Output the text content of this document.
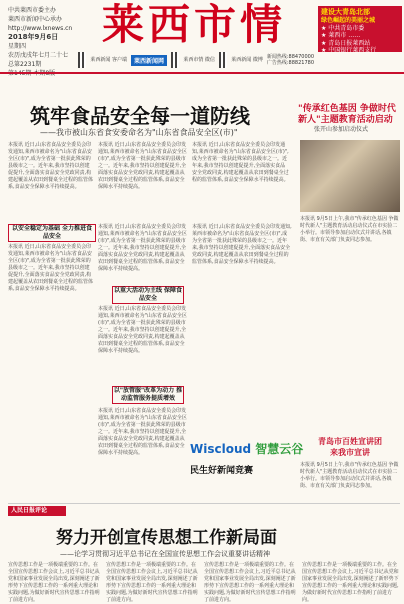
中共莱西市委主办
莱西市新闻中心承办
http://www.lxnews.cn
2018年9月6日
星期四
农历戊戌年七月二十七
总第2231期
莱西市情	建设大青岛北部
绿色崛起的美丽之城
★ 中共青岛市委
★ 莱西市 ……
★ 青岛日报莱西站
★ 中国银行莱西支行
莱西新闻 客户端	莱西新闻网	莱西市情 微信	莱西新闻 微博 新闻热线:88470000
广告热线:88821780
筑牢食品安全每一道防线
——我市被山东省食安委命名为"山东省食品安全区(市)"
本报讯 近日,山东省食品安全委员会印发通知,莱西市被命名为"山东省食品安全区(市)",成为全省第一批获此殊荣的县级市之一。近年来,我市坚持以创建促提升,全面落实食品安全党政同责,构建起覆盖从农田到餐桌全过程的监管体系,食品安全保障水平持续提高。
本报讯 近日,山东省食品安全委员会印发通知,莱西市被命名为"山东省食品安全区(市)",成为全省第一批获此殊荣的县级市之一。近年来,我市坚持以创建促提升,全面落实食品安全党政同责,构建起覆盖从农田到餐桌全过程的监管体系,食品安全保障水平持续提高。
本报讯 近日,山东省食品安全委员会印发通知,莱西市被命名为"山东省食品安全区(市)",成为全省第一批获此殊荣的县级市之一。近年来,我市坚持以创建促提升,全面落实食品安全党政同责,构建起覆盖从农田到餐桌全过程的监管体系,食品安全保障水平持续提高。
以安全稳定为基础 全力推进食品安全
本报讯 近日,山东省食品安全委员会印发通知,莱西市被命名为"山东省食品安全区(市)",成为全省第一批获此殊荣的县级市之一。近年来,我市坚持以创建促提升,全面落实食品安全党政同责,构建起覆盖从农田到餐桌全过程的监管体系,食品安全保障水平持续提高。
本报讯 近日,山东省食品安全委员会印发通知,莱西市被命名为"山东省食品安全区(市)",成为全省第一批获此殊荣的县级市之一。近年来,我市坚持以创建促提升,全面落实食品安全党政同责,构建起覆盖从农田到餐桌全过程的监管体系,食品安全保障水平持续提高。
以重大活动为主线 保障食品安全
本报讯 近日,山东省食品安全委员会印发通知,莱西市被命名为"山东省食品安全区(市)",成为全省第一批获此殊荣的县级市之一。近年来,我市坚持以创建促提升,全面落实食品安全党政同责,构建起覆盖从农田到餐桌全过程的监管体系,食品安全保障水平持续提高。
以"放管服"改革为动力 推动监管服务提质增效
本报讯 近日,山东省食品安全委员会印发通知,莱西市被命名为"山东省食品安全区(市)",成为全省第一批获此殊荣的县级市之一。近年来,我市坚持以创建促提升,全面落实食品安全党政同责,构建起覆盖从农田到餐桌全过程的监管体系,食品安全保障水平持续提高。
本报讯 近日,山东省食品安全委员会印发通知,莱西市被命名为"山东省食品安全区(市)",成为全省第一批获此殊荣的县级市之一。近年来,我市坚持以创建促提升,全面落实食品安全党政同责,构建起覆盖从农田到餐桌全过程的监管体系,食品安全保障水平持续提高。
"传承红色基因 争做时代新人"主题教育活动启动
张开山参加启动仪式
本报讯 9月5日上午,我市"传承红色基因 争做时代新人"主题教育活动启动仪式在市实验二小举行。市领导参加启动仪式并讲话,各镇街、市直有关部门负责同志参加。
Wiscloud 智慧云谷
民生好新闻竞赛
青岛市百姓宣讲团
来我市宣讲
本报讯 9月5日上午,我市"传承红色基因 争做时代新人"主题教育活动启动仪式在市实验二小举行。市领导参加启动仪式并讲话,各镇街、市直有关部门负责同志参加。
人民日报评论
努力开创宣传思想工作新局面
——论学习贯彻习近平总书记在全国宣传思想工作会议重要讲话精神
宣传思想工作是一项极端重要的工作。在全国宣传思想工作会议上,习近平总书记从党和国家事业发展全局出发,深刻阐述了新形势下宣传思想工作的一系列重大理论和实践问题,为做好新时代宣传思想工作指明了前进方向。
宣传思想工作是一项极端重要的工作。在全国宣传思想工作会议上,习近平总书记从党和国家事业发展全局出发,深刻阐述了新形势下宣传思想工作的一系列重大理论和实践问题,为做好新时代宣传思想工作指明了前进方向。
宣传思想工作是一项极端重要的工作。在全国宣传思想工作会议上,习近平总书记从党和国家事业发展全局出发,深刻阐述了新形势下宣传思想工作的一系列重大理论和实践问题,为做好新时代宣传思想工作指明了前进方向。
宣传思想工作是一项极端重要的工作。在全国宣传思想工作会议上,习近平总书记从党和国家事业发展全局出发,深刻阐述了新形势下宣传思想工作的一系列重大理论和实践问题,为做好新时代宣传思想工作指明了前进方向。
